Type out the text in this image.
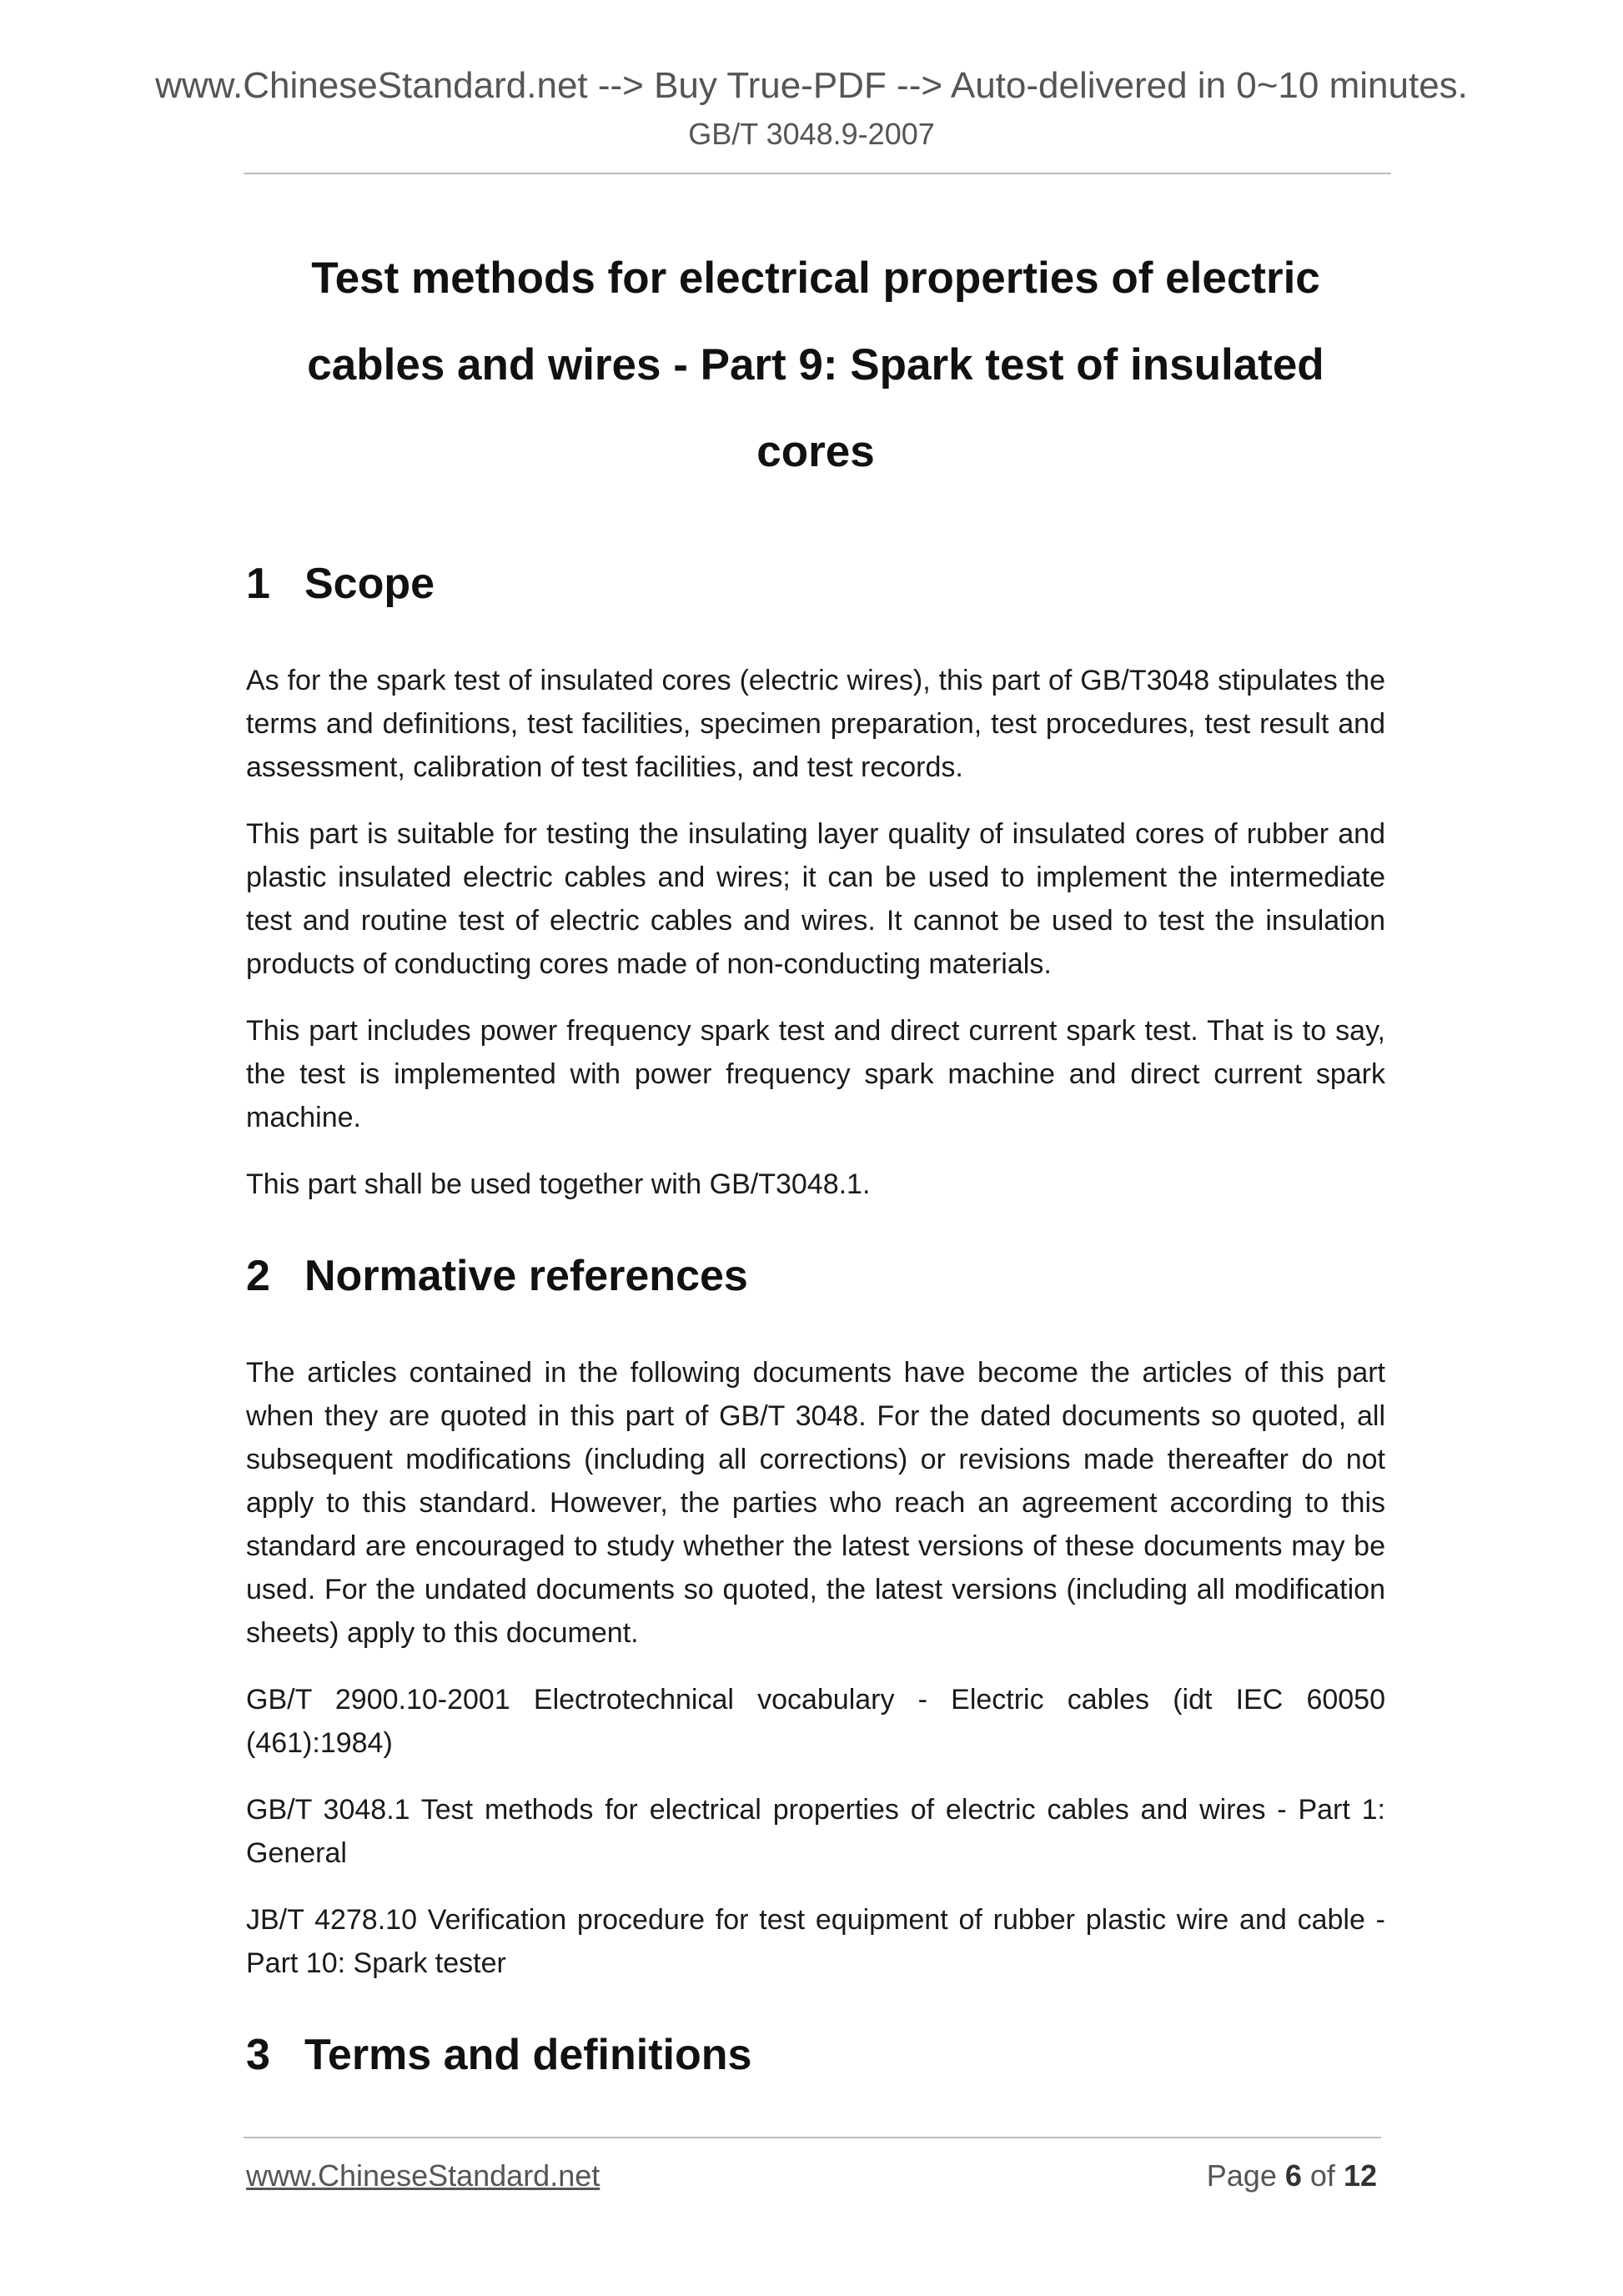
www.ChineseStandard.net --> Buy True-PDF --> Auto-delivered in 0~10 minutes.
GB/T 3048.9-2007
Test methods for electrical properties of electric
cables and wires - Part 9: Spark test of insulated cores
1 Scope

As for the spark test of insulated cores (electric wires), this part of GB/T3048 stipulates the terms and definitions, test facilities, specimen preparation, test procedures, test result and assessment, calibration of test facilities, and test records.

This part is suitable for testing the insulating layer quality of insulated cores of rubber and plastic insulated electric cables and wires; it can be used to implement the intermediate test and routine test of electric cables and wires. It cannot be used to test the insulation products of conducting cores made of non-conducting materials.

This part includes power frequency spark test and direct current spark test. That is to say, the test is implemented with power frequency spark machine and direct current spark machine.

This part shall be used together with GB/T3048.1.

2 Normative references

The articles contained in the following documents have become the articles of this part when they are quoted in this part of GB/T 3048. For the dated documents so quoted, all subsequent modifications (including all corrections) or revisions made thereafter do not apply to this standard. However, the parties who reach an agreement according to this standard are encouraged to study whether the latest versions of these documents may be used. For the undated documents so quoted, the latest versions (including all modification sheets) apply to this document.

GB/T 2900.10-2001 Electrotechnical vocabulary - Electric cables (idt IEC 60050 (461):1984)

GB/T 3048.1 Test methods for electrical properties of electric cables and wires - Part 1: General

JB/T 4278.10 Verification procedure for test equipment of rubber plastic wire and cable - Part 10: Spark tester

3 Terms and definitions
www.ChineseStandard.net	Page 6 of 12
